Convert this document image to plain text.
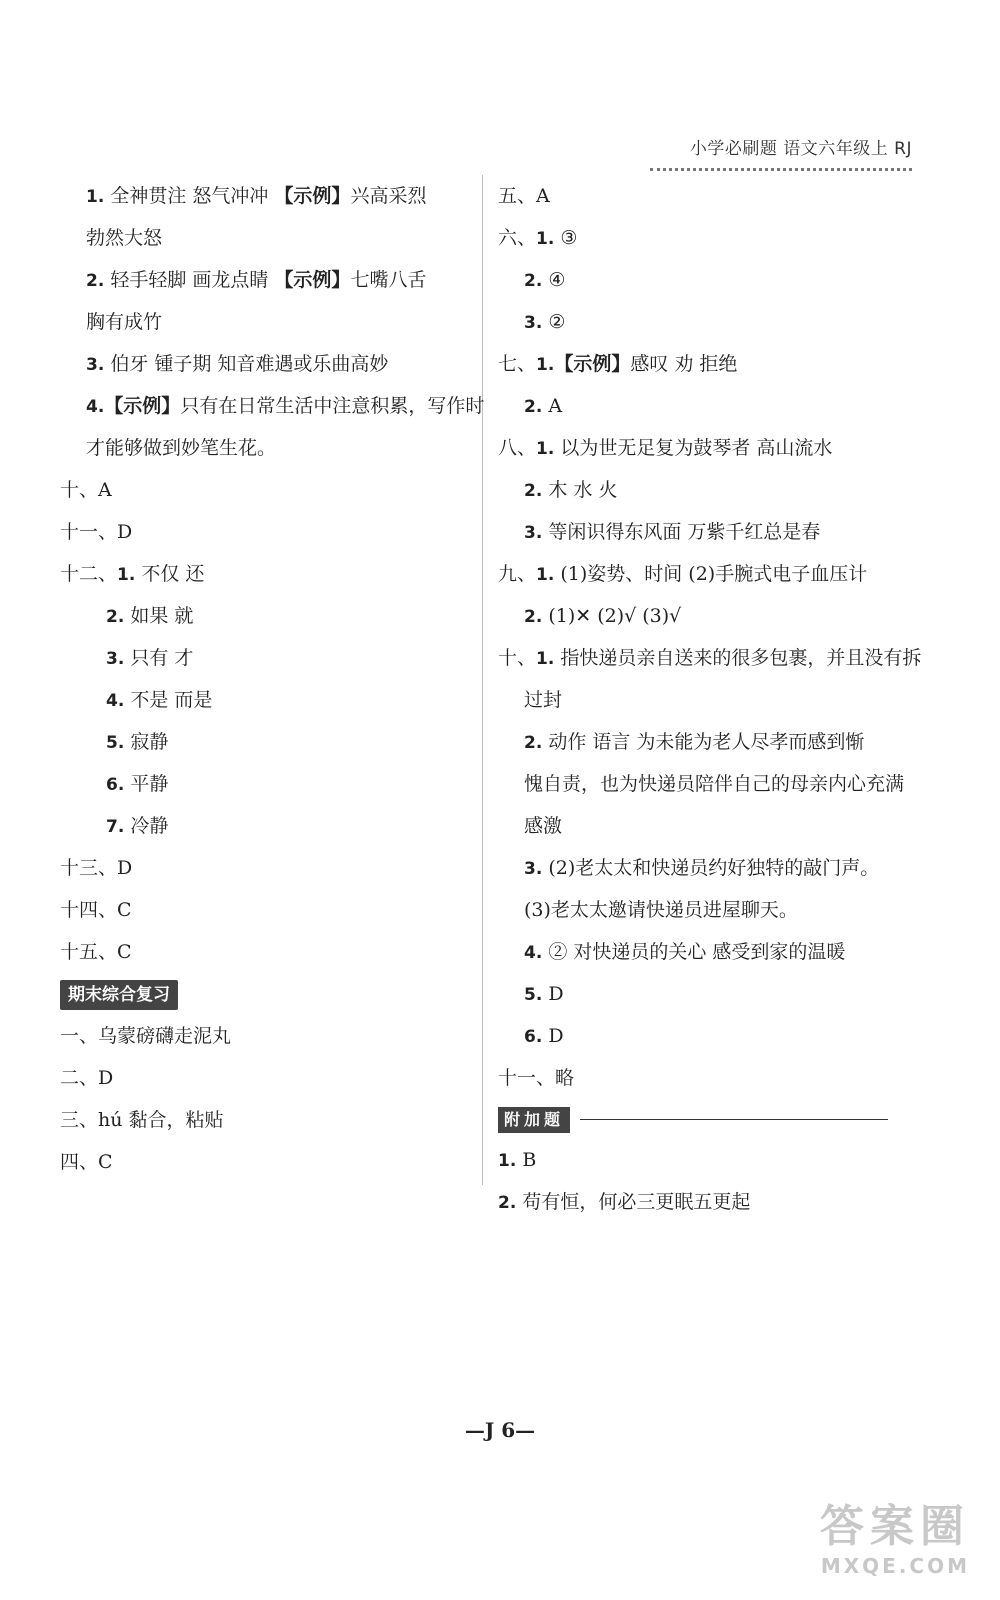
小学必刷题 语文六年级上 RJ
1. 全神贯注 怒气冲冲 【示例】兴高采烈
勃然大怒
2. 轻手轻脚 画龙点睛 【示例】七嘴八舌
胸有成竹
3. 伯牙 锺子期 知音难遇或乐曲高妙
4.【示例】只有在日常生活中注意积累，写作时
才能够做到妙笔生花。
十、A
十一、D
十二、1. 不仅 还
2. 如果 就
3. 只有 才
4. 不是 而是
5. 寂静
6. 平静
7. 冷静
十三、D
十四、C
十五、C
期末综合复习
一、乌蒙磅礴走泥丸
二、D
三、hú 黏合，粘贴
四、C
五、A
六、1. ③
2. ④
3. ②
七、1.【示例】感叹 劝 拒绝
2. A
八、1. 以为世无足复为鼓琴者 高山流水
2. 木 水 火
3. 等闲识得东风面 万紫千红总是春
九、1. (1)姿势、时间 (2)手腕式电子血压计
2. (1)✕ (2)√ (3)√
十、1. 指快递员亲自送来的很多包裹，并且没有拆
过封
2. 动作 语言 为未能为老人尽孝而感到惭
愧自责，也为快递员陪伴自己的母亲内心充满
感激
3. (2)老太太和快递员约好独特的敲门声。
(3)老太太邀请快递员进屋聊天。
4. ② 对快递员的关心 感受到家的温暖
5. D
6. D
十一、略
附加题
1. B
2. 苟有恒，何必三更眠五更起
—J 6—
答案圈
MXQE.COM
